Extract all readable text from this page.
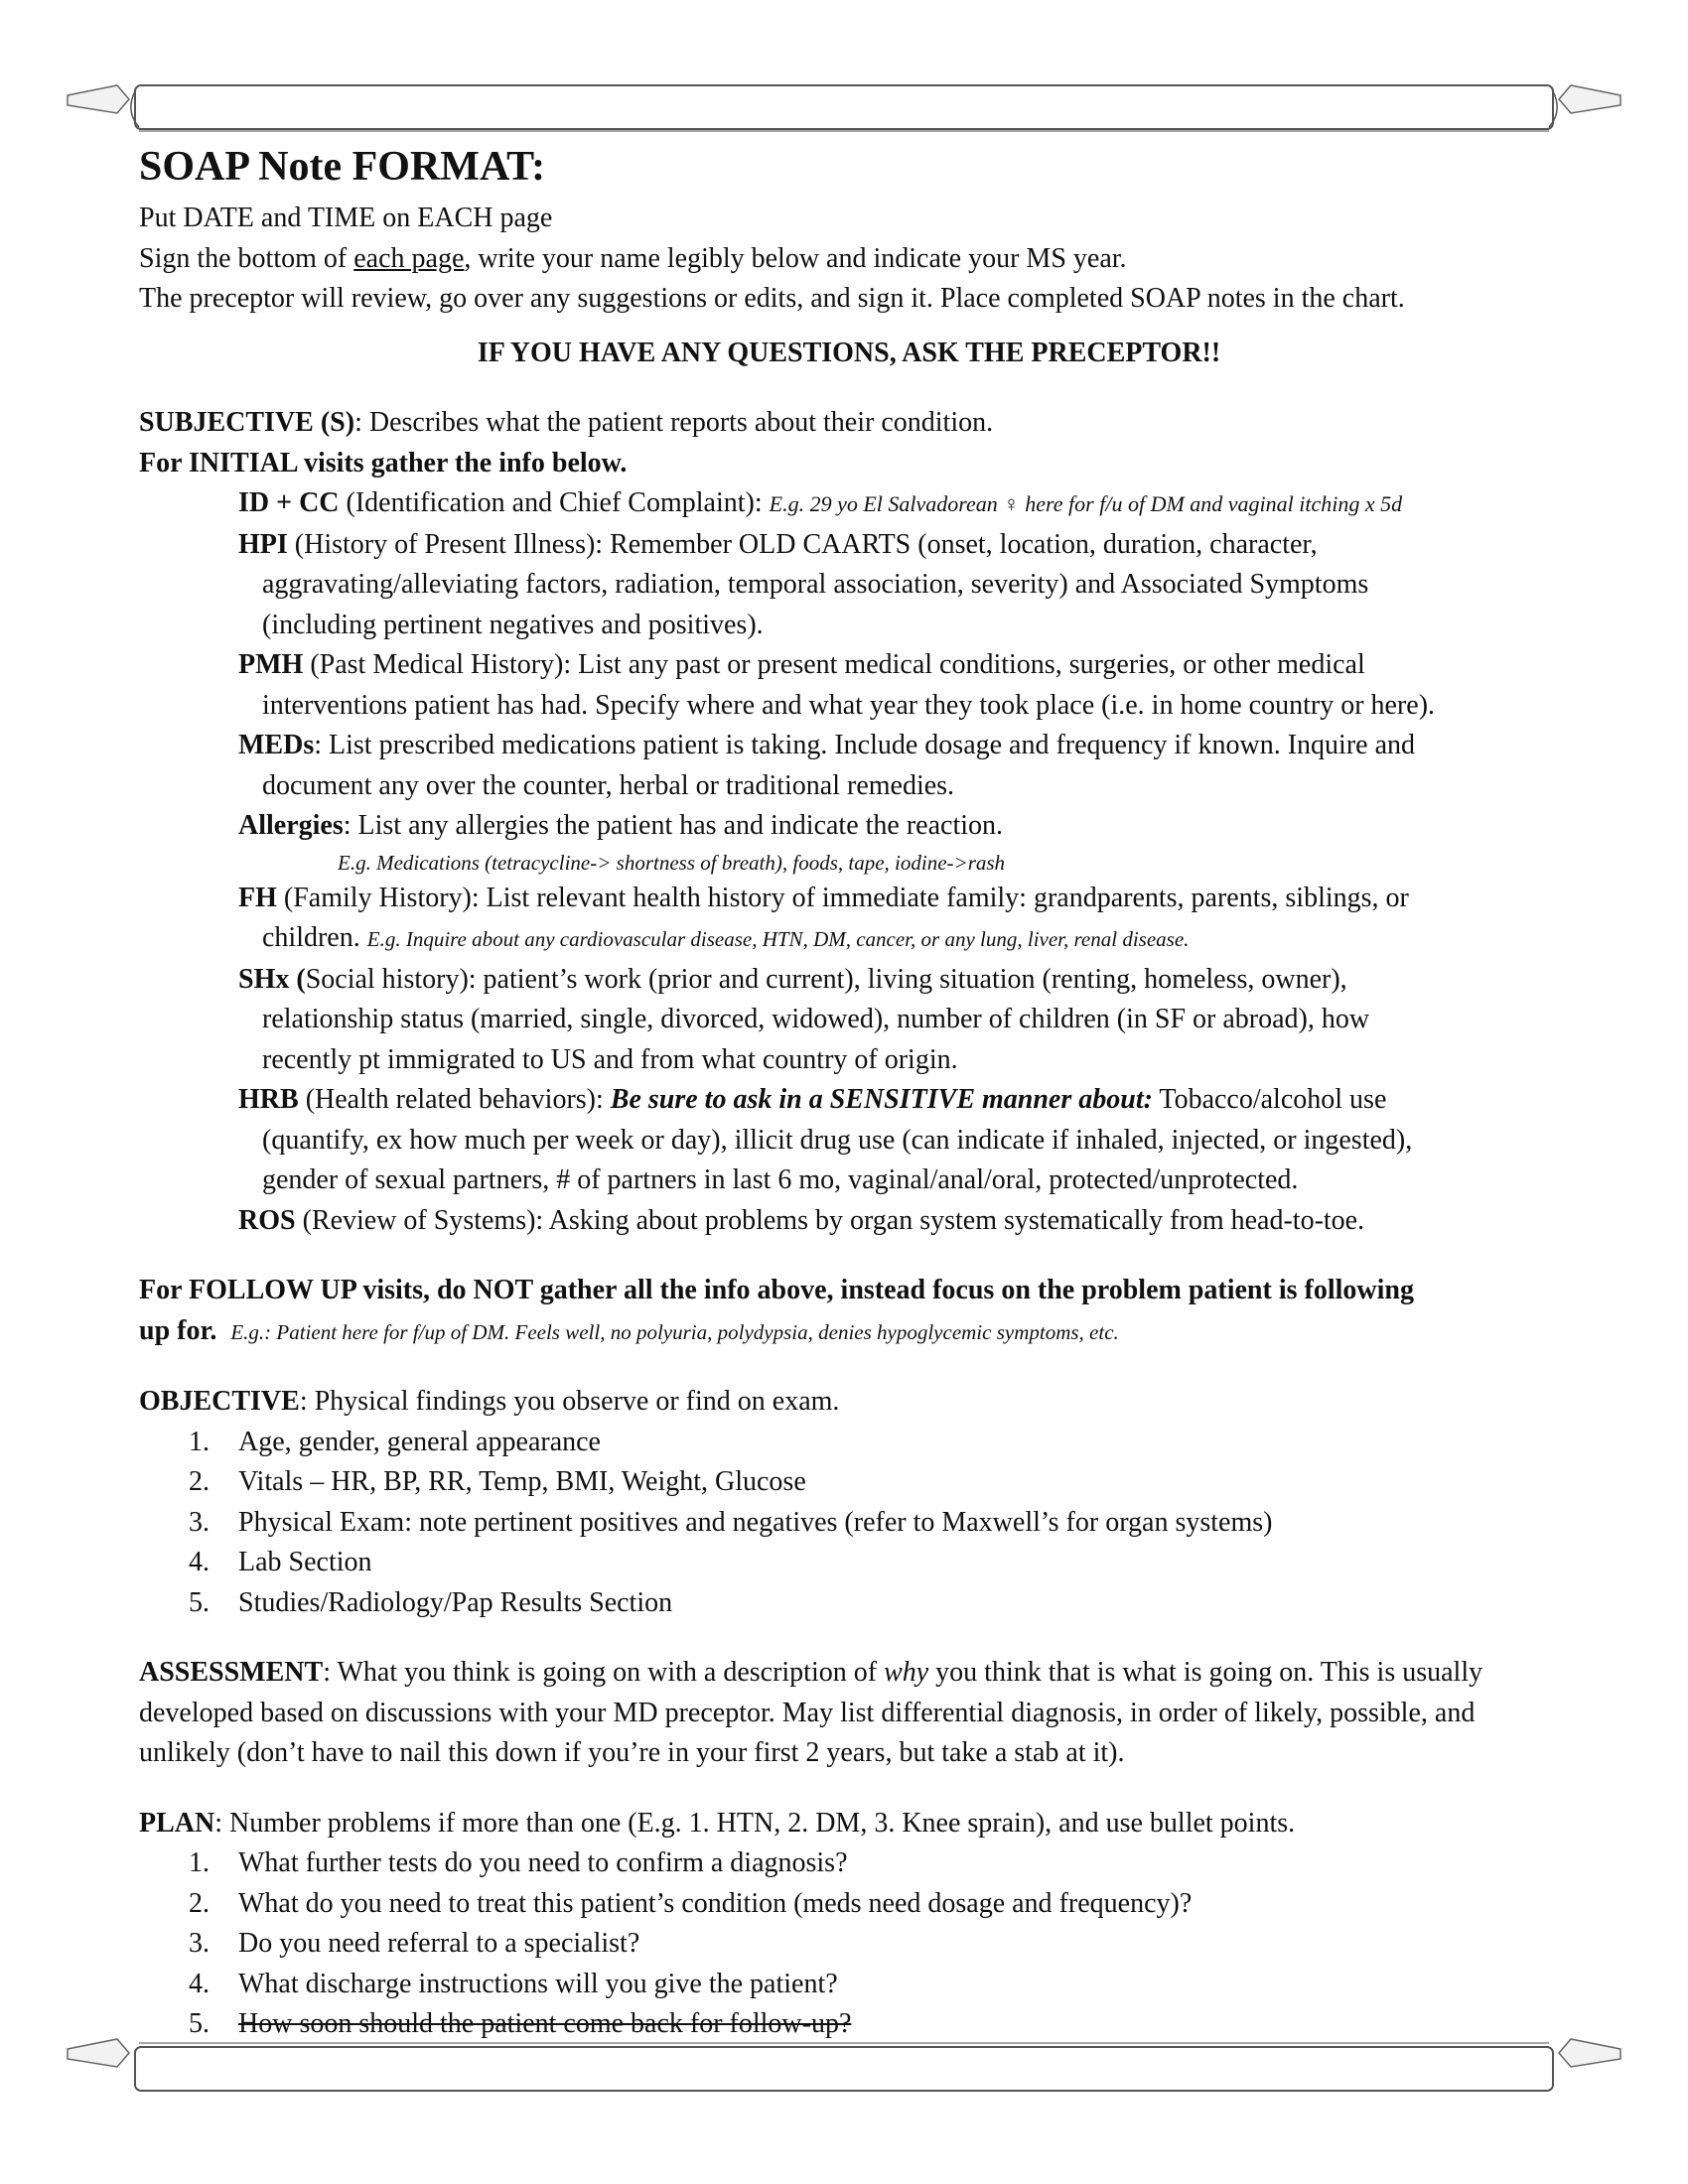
SOAP Note FORMAT:
Put DATE and TIME on EACH page
Sign the bottom of each page, write your name legibly below and indicate your MS year.
The preceptor will review, go over any suggestions or edits, and sign it. Place completed SOAP notes in the chart.
IF YOU HAVE ANY QUESTIONS, ASK THE PRECEPTOR!!
SUBJECTIVE (S): Describes what the patient reports about their condition.
For INITIAL visits gather the info below.
ID + CC (Identification and Chief Complaint): E.g. 29 yo El Salvadorean ♀ here for f/u of DM and vaginal itching x 5d
HPI (History of Present Illness): Remember OLD CAARTS (onset, location, duration, character,
aggravating/alleviating factors, radiation, temporal association, severity) and Associated Symptoms
(including pertinent negatives and positives).
PMH (Past Medical History): List any past or present medical conditions, surgeries, or other medical
interventions patient has had. Specify where and what year they took place (i.e. in home country or here).
MEDs: List prescribed medications patient is taking. Include dosage and frequency if known. Inquire and
document any over the counter, herbal or traditional remedies.
Allergies: List any allergies the patient has and indicate the reaction.
E.g. Medications (tetracycline-> shortness of breath), foods, tape, iodine->rash
FH (Family History): List relevant health history of immediate family: grandparents, parents, siblings, or
children. E.g. Inquire about any cardiovascular disease, HTN, DM, cancer, or any lung, liver, renal disease.
SHx (Social history): patient’s work (prior and current), living situation (renting, homeless, owner),
relationship status (married, single, divorced, widowed), number of children (in SF or abroad), how
recently pt immigrated to US and from what country of origin.
HRB (Health related behaviors): Be sure to ask in a SENSITIVE manner about: Tobacco/alcohol use
(quantify, ex how much per week or day), illicit drug use (can indicate if inhaled, injected, or ingested),
gender of sexual partners, # of partners in last 6 mo, vaginal/anal/oral, protected/unprotected.
ROS (Review of Systems): Asking about problems by organ system systematically from head-to-toe.
For FOLLOW UP visits, do NOT gather all the info above, instead focus on the problem patient is following
up for. E.g.: Patient here for f/up of DM. Feels well, no polyuria, polydypsia, denies hypoglycemic symptoms, etc.
OBJECTIVE: Physical findings you observe or find on exam.
1.	Age, gender, general appearance
2.	Vitals – HR, BP, RR, Temp, BMI, Weight, Glucose
3.	Physical Exam: note pertinent positives and negatives (refer to Maxwell’s for organ systems)
4.	Lab Section
5.	Studies/Radiology/Pap Results Section
ASSESSMENT: What you think is going on with a description of why you think that is what is going on. This is usually developed based on discussions with your MD preceptor. May list differential diagnosis, in order of likely, possible, and unlikely (don’t have to nail this down if you’re in your first 2 years, but take a stab at it).
PLAN: Number problems if more than one (E.g. 1. HTN, 2. DM, 3. Knee sprain), and use bullet points.
1.	What further tests do you need to confirm a diagnosis?
2.	What do you need to treat this patient’s condition (meds need dosage and frequency)?
3.	Do you need referral to a specialist?
4.	What discharge instructions will you give the patient?
5.	How soon should the patient come back for follow-up?
